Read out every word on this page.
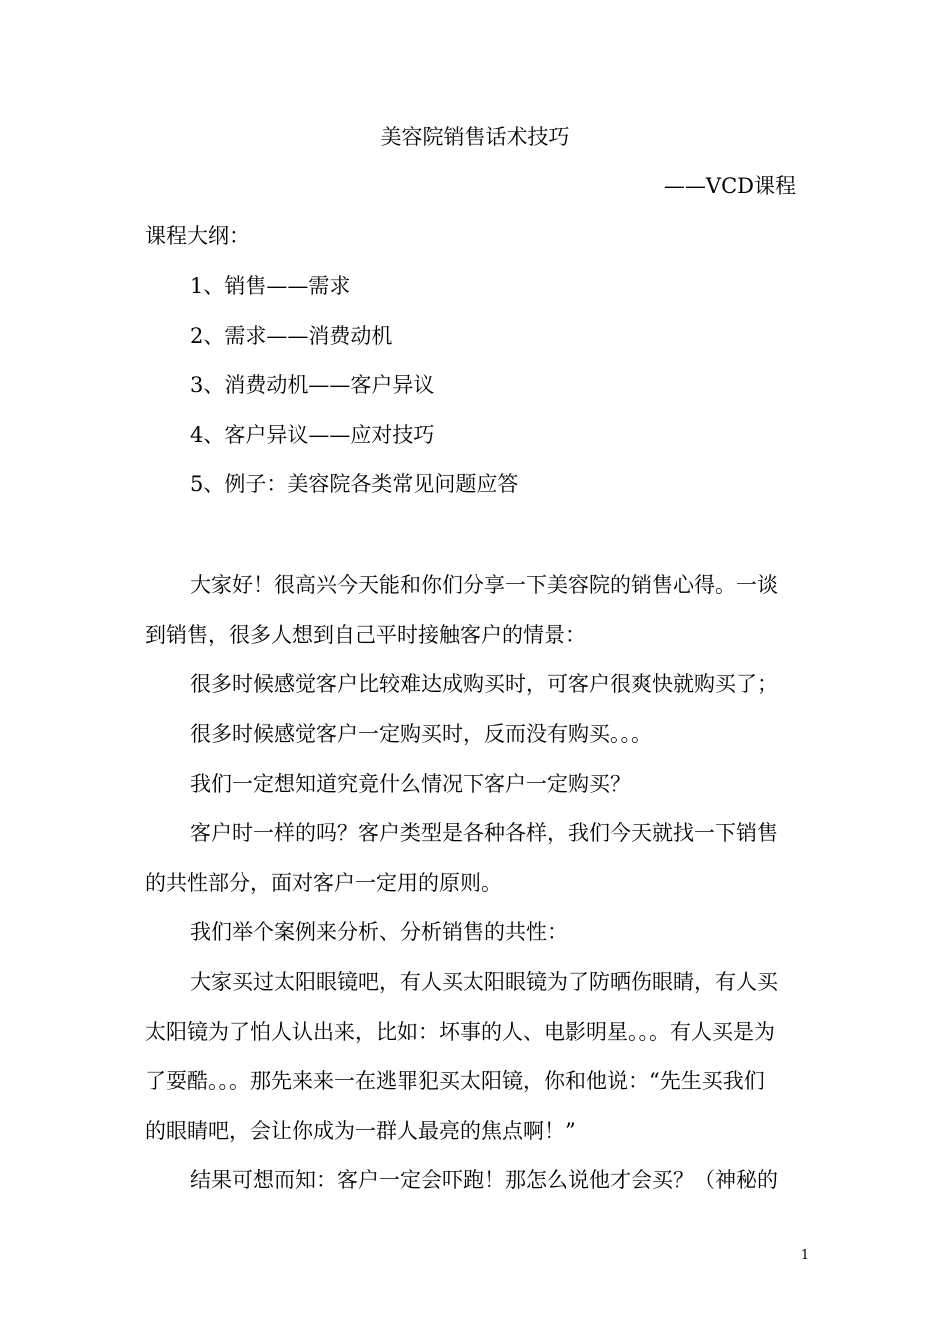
美容院销售话术技巧
——VCD课程
课程大纲：
1、销售——需求
2、需求——消费动机
3、消费动机——客户异议
4、客户异议——应对技巧
5、例子：美容院各类常见问题应答
大家好！很高兴今天能和你们分享一下美容院的销售心得。一谈
到销售，很多人想到自己平时接触客户的情景：
很多时候感觉客户比较难达成购买时，可客户很爽快就购买了；
很多时候感觉客户一定购买时，反而没有购买。。。
我们一定想知道究竟什么情况下客户一定购买？
客户时一样的吗？客户类型是各种各样，我们今天就找一下销售
的共性部分，面对客户一定用的原则。
我们举个案例来分析、分析销售的共性：
大家买过太阳眼镜吧，有人买太阳眼镜为了防晒伤眼睛，有人买
太阳镜为了怕人认出来，比如：坏事的人、电影明星。。。有人买是为
了耍酷。。。那先来来一在逃罪犯买太阳镜，你和他说：“先生买我们
的眼睛吧，会让你成为一群人最亮的焦点啊！”
结果可想而知：客户一定会吓跑！那怎么说他才会买？（神秘的
1
